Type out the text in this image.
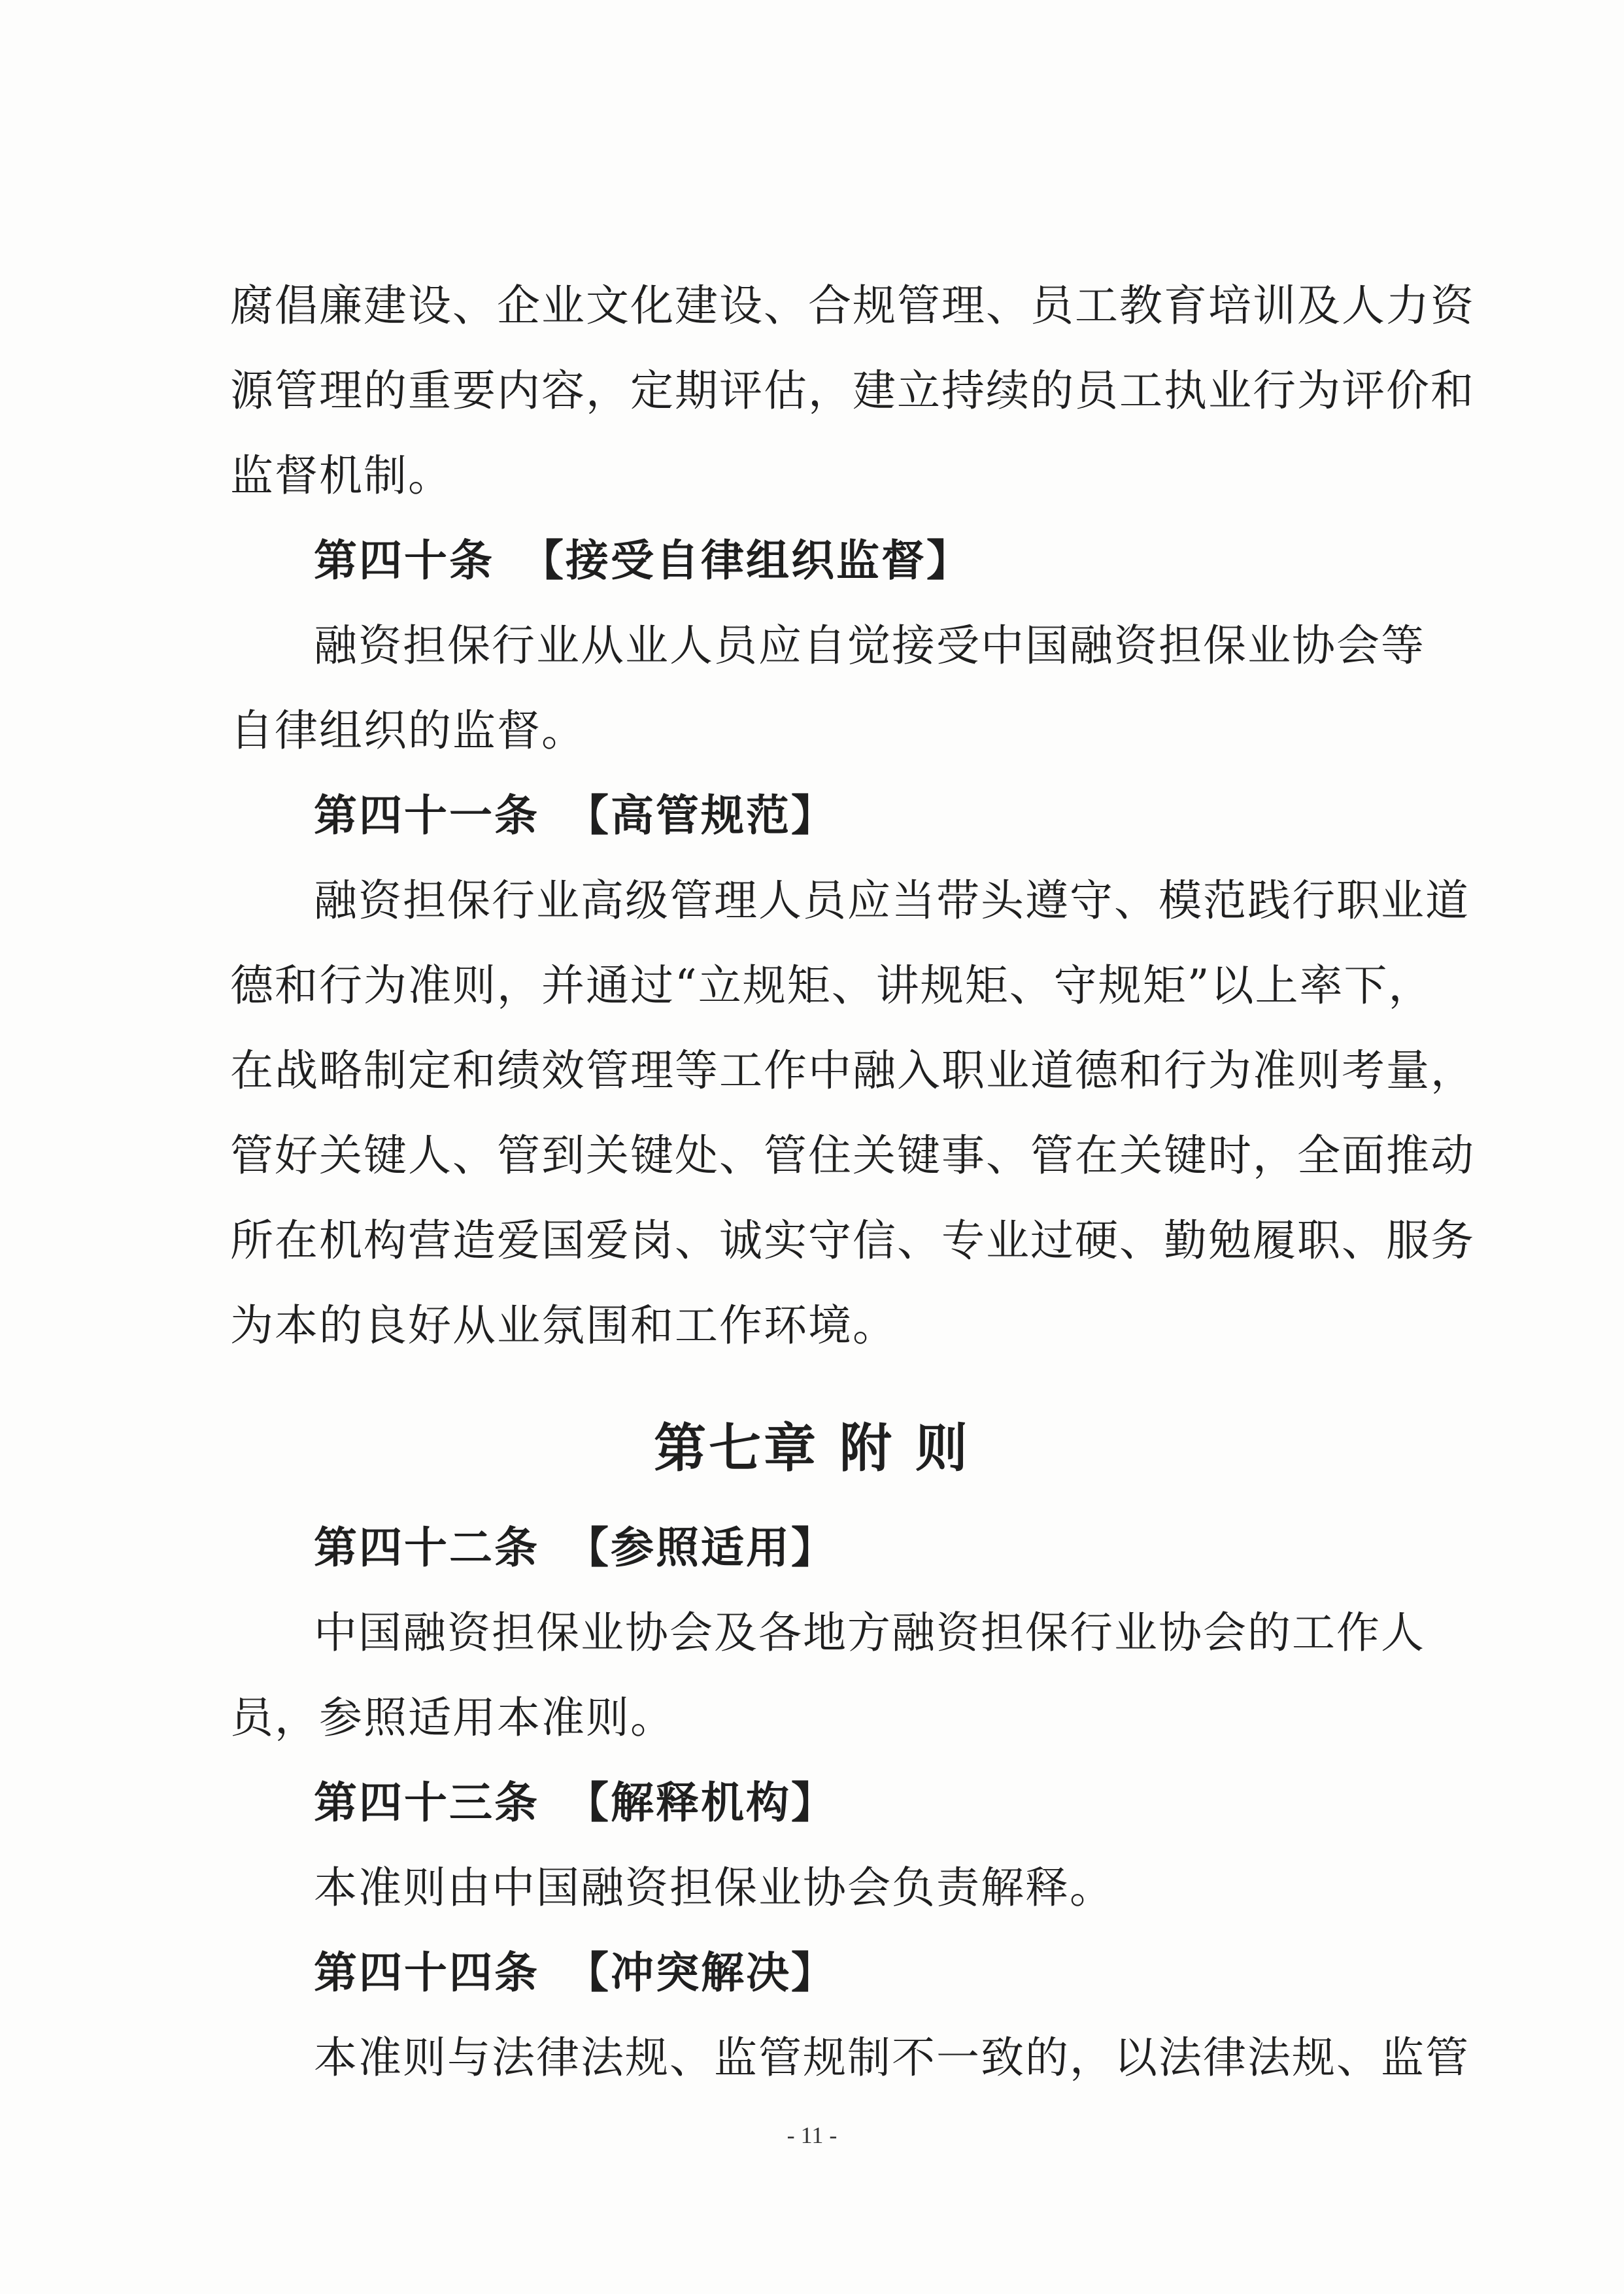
腐倡廉建设、企业文化建设、合规管理、员工教育培训及人力资
源管理的重要内容，定期评估，建立持续的员工执业行为评价和
监督机制。
第四十条 【接受自律组织监督】
融资担保行业从业人员应自觉接受中国融资担保业协会等
自律组织的监督。
第四十一条 【高管规范】
融资担保行业高级管理人员应当带头遵守、模范践行职业道
德和行为准则，并通过“立规矩、讲规矩、守规矩”以上率下，
在战略制定和绩效管理等工作中融入职业道德和行为准则考量，
管好关键人、管到关键处、管住关键事、管在关键时，全面推动
所在机构营造爱国爱岗、诚实守信、专业过硬、勤勉履职、服务
为本的良好从业氛围和工作环境。
第七章 附 则
第四十二条 【参照适用】
中国融资担保业协会及各地方融资担保行业协会的工作人
员，参照适用本准则。
第四十三条 【解释机构】
本准则由中国融资担保业协会负责解释。
第四十四条 【冲突解决】
本准则与法律法规、监管规制不一致的，以法律法规、监管
- 11 -
